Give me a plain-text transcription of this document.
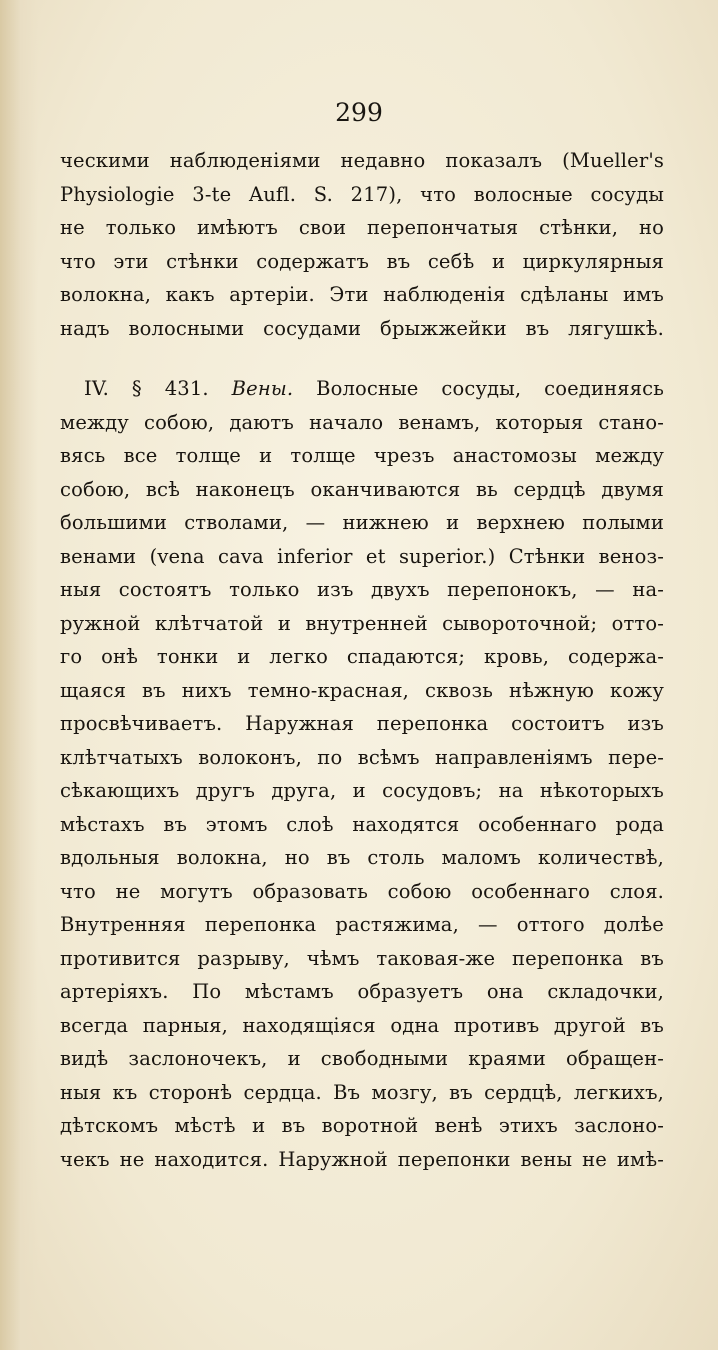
299

ческими наблюденіями недавно показалъ (Mueller's
Physiologie 3-te Aufl. S. 217), что волосные сосуды
не только имѣютъ свои перепончатыя стѣнки, но
что эти стѣнки содержатъ въ себѣ и циркулярныя
волокна, какъ артеріи. Эти наблюденія сдѣланы имъ
надъ волосными сосудами брыжжейки въ лягушкѣ.
IV. § 431. Вены. Волосные сосуды, соединяясь
между собою, даютъ начало венамъ, которыя стано-
вясь все толще и толще чрезъ анастомозы между
собою, всѣ наконецъ оканчиваются вь сердцѣ двумя
большими стволами, — нижнею и верхнею полыми
венами (vena cava inferior et superior.) Стѣнки веноз-
ныя состоятъ только изъ двухъ перепонокъ, — на-
ружной клѣтчатой и внутренней сывороточной; отто-
го онѣ тонки и легко спадаются; кровь, содержа-
щаяся въ нихъ темно-красная, сквозь нѣжную кожу
просвѣчиваетъ. Наружная перепонка состоитъ изъ
клѣтчатыхъ волоконъ, по всѣмъ направленіямъ пере-
сѣкающихъ другъ друга, и сосудовъ; на нѣкоторыхъ
мѣстахъ въ этомъ слоѣ находятся особеннаго рода
вдольныя волокна, но въ столь маломъ количествѣ,
что не могутъ образовать собою особеннаго слоя.
Внутренняя перепонка растяжима, — оттого долѣе
противится разрыву, чѣмъ таковая-же перепонка въ
артеріяхъ. По мѣстамъ образуетъ она складочки,
всегда парныя, находящіяся одна противъ другой въ
видѣ заслоночекъ, и свободными краями обращен-
ныя къ сторонѣ сердца. Въ мозгу, въ сердцѣ, легкихъ,
дѣтскомъ мѣстѣ и въ воротной венѣ этихъ заслоно-
чекъ не находится. Наружной перепонки вены не имѣ-
